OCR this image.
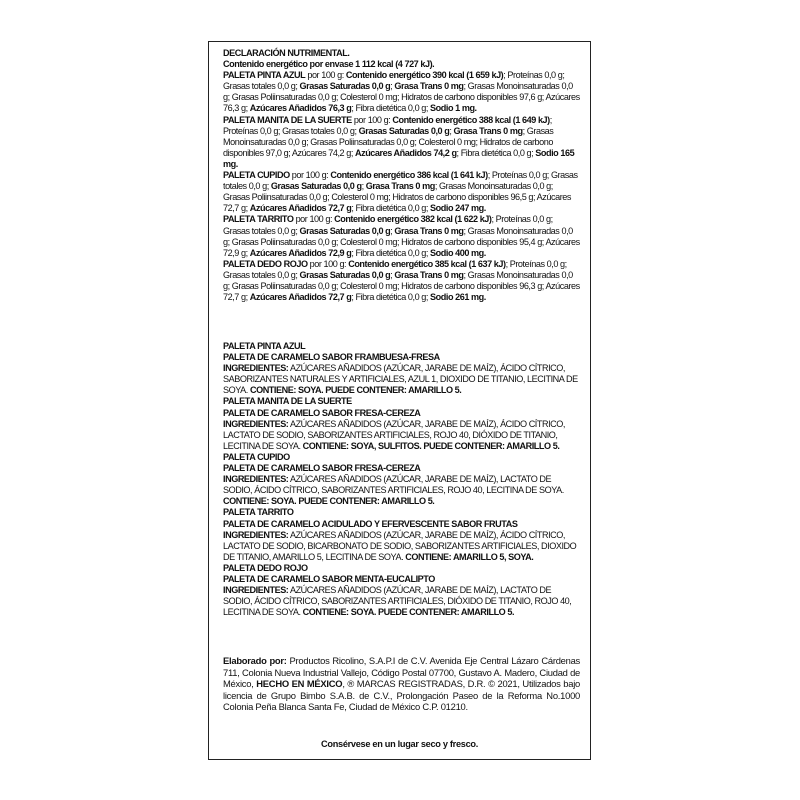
DECLARACIÓN NUTRIMENTAL.

Contenido energético por envase 1 112 kcal (4 727 kJ).

PALETA PINTA AZUL por 100 g: Contenido energético 390 kcal (1 659 kJ); Proteínas 0,0 g; Grasas totales 0,0 g; Grasas Saturadas 0,0 g; Grasa Trans 0 mg; Grasas Monoinsaturadas 0,0 g; Grasas Poliinsaturadas 0,0 g; Colesterol 0 mg; Hidratos de carbono disponibles 97,6 g; Azúcares 76,3 g; Azúcares Añadidos 76,3 g; Fibra dietética 0,0 g; Sodio 1 mg.

PALETA MANITA DE LA SUERTE por 100 g: Contenido energético 388 kcal (1 649 kJ); Proteínas 0,0 g; Grasas totales 0,0 g; Grasas Saturadas 0,0 g; Grasa Trans 0 mg; Grasas Monoinsaturadas 0,0 g; Grasas Poliinsaturadas 0,0 g; Colesterol 0 mg; Hidratos de carbono disponibles 97,0 g; Azúcares 74,2 g; Azúcares Añadidos 74,2 g; Fibra dietética 0,0 g; Sodio 165 mg.

PALETA CUPIDO por 100 g: Contenido energético 386 kcal (1 641 kJ); Proteínas 0,0 g; Grasas totales 0,0 g; Grasas Saturadas 0,0 g; Grasa Trans 0 mg; Grasas Monoinsaturadas 0,0 g; Grasas Poliinsaturadas 0,0 g; Colesterol 0 mg; Hidratos de carbono disponibles 96,5 g; Azúcares 72,7 g; Azúcares Añadidos 72,7 g; Fibra dietética 0,0 g; Sodio 247 mg.

PALETA TARRITO por 100 g: Contenido energético 382 kcal (1 622 kJ); Proteínas 0,0 g; Grasas totales 0,0 g; Grasas Saturadas 0,0 g; Grasa Trans 0 mg; Grasas Monoinsaturadas 0,0 g; Grasas Poliinsaturadas 0,0 g; Colesterol 0 mg; Hidratos de carbono disponibles 95,4 g; Azúcares 72,9 g; Azúcares Añadidos 72,9 g; Fibra dietética 0,0 g; Sodio 400 mg.

PALETA DEDO ROJO por 100 g: Contenido energético 385 kcal (1 637 kJ); Proteínas 0,0 g; Grasas totales 0,0 g; Grasas Saturadas 0,0 g; Grasa Trans 0 mg; Grasas Monoinsaturadas 0,0 g; Grasas Poliinsaturadas 0,0 g; Colesterol 0 mg; Hidratos de carbono disponibles 96,3 g; Azúcares 72,7 g; Azúcares Añadidos 72,7 g; Fibra dietética 0,0 g; Sodio 261 mg.

PALETA PINTA AZUL

PALETA DE CARAMELO SABOR FRAMBUESA-FRESA

INGREDIENTES: AZÚCARES AÑADIDOS (AZÚCAR, JARABE DE MAÍZ), ÁCIDO CÍTRICO, SABORIZANTES NATURALES Y ARTIFICIALES, AZUL 1, DIOXIDO DE TITANIO, LECITINA DE SOYA. CONTIENE: SOYA. PUEDE CONTENER: AMARILLO 5.

PALETA MANITA DE LA SUERTE

PALETA DE CARAMELO SABOR FRESA-CEREZA

INGREDIENTES: AZÚCARES AÑADIDOS (AZÚCAR, JARABE DE MAÍZ), ÁCIDO CÍTRICO, LACTATO DE SODIO, SABORIZANTES ARTIFICIALES, ROJO 40, DIÓXIDO DE TITANIO, LECITINA DE SOYA. CONTIENE: SOYA, SULFITOS. PUEDE CONTENER: AMARILLO 5.

PALETA CUPIDO

PALETA DE CARAMELO SABOR FRESA-CEREZA

INGREDIENTES: AZÚCARES AÑADIDOS (AZÚCAR, JARABE DE MAÍZ), LACTATO DE SODIO, ÁCIDO CÍTRICO, SABORIZANTES ARTIFICIALES, ROJO 40, LECITINA DE SOYA. CONTIENE: SOYA. PUEDE CONTENER: AMARILLO 5.

PALETA TARRITO

PALETA DE CARAMELO ACIDULADO Y EFERVESCENTE SABOR FRUTAS

INGREDIENTES: AZÚCARES AÑADIDOS (AZÚCAR, JARABE DE MAÍZ), ÁCIDO CÍTRICO, LACTATO DE SODIO, BICARBONATO DE SODIO, SABORIZANTES ARTIFICIALES, DIOXIDO DE TITANIO, AMARILLO 5, LECITINA DE SOYA. CONTIENE: AMARILLO 5, SOYA.

PALETA DEDO ROJO

PALETA DE CARAMELO SABOR MENTA-EUCALIPTO

INGREDIENTES: AZÚCARES AÑADIDOS (AZÚCAR, JARABE DE MAÍZ), LACTATO DE SODIO, ÁCIDO CÍTRICO, SABORIZANTES ARTIFICIALES, DIÓXIDO DE TITANIO, ROJO 40, LECITINA DE SOYA. CONTIENE: SOYA. PUEDE CONTENER: AMARILLO 5.

Elaborado por: Productos Ricolino, S.A.P.I de C.V. Avenida Eje Central Lázaro Cárdenas 711, Colonia Nueva Industrial Vallejo, Código Postal 07700, Gustavo A. Madero, Ciudad de México, HECHO EN MÉXICO, ® MARCAS REGISTRADAS, D.R. © 2021, Utilizados bajo licencia de Grupo Bimbo S.A.B. de C.V., Prolongación Paseo de la Reforma No.1000 Colonia Peña Blanca Santa Fe, Ciudad de México C.P. 01210.

Consérvese en un lugar seco y fresco.
